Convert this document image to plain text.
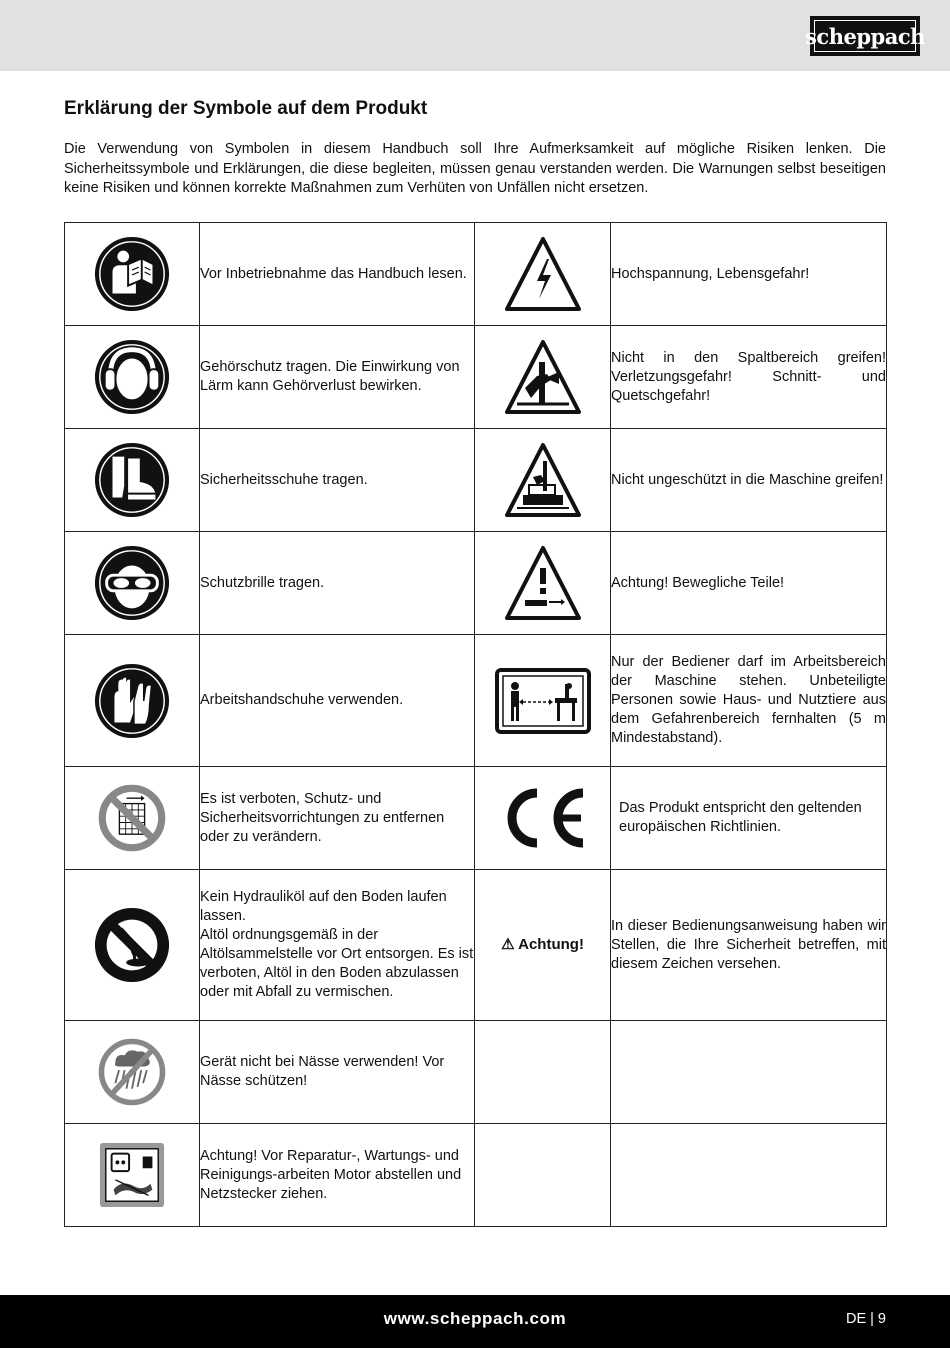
scheppach
Erklärung der Symbole auf dem Produkt

Die Verwendung von Symbolen in diesem Handbuch soll Ihre Aufmerksamkeit auf mögliche Risiken lenken. Die Sicherheitssymbole und Erklärungen, die diese begleiten, müssen genau verstanden werden. Die Warnungen selbst beseitigen keine Risiken und können korrekte Maßnahmen zum Verhüten von Unfällen nicht ersetzen.

	Vor Inbetriebnahme das Handbuch lesen.		Hochspannung, Lebensgefahr!

	Gehörschutz tragen. Die Einwirkung von Lärm kann Gehörverlust bewirken.		Nicht in den Spaltbereich greifen! Verletzungsgefahr! Schnitt- und Quetschgefahr!

	Sicherheitsschuhe tragen.		Nicht ungeschützt in die Maschine greifen!

	Schutzbrille tragen.		Achtung! Bewegliche Teile!

	Arbeitshandschuhe verwenden.		Nur der Bediener darf im Arbeitsbereich der Maschine stehen. Unbeteiligte Personen sowie Haus- und Nutztiere aus dem Gefahrenbereich fernhalten (5 m Mindestabstand).

	Es ist verboten, Schutz- und Sicherheitsvorrichtungen zu entfernen oder zu verändern.		Das Produkt entspricht den geltenden europäischen Richtlinien.

	Kein Hydrauliköl auf den Boden laufen lassen.
Altöl ordnungsgemäß in der Altölsammelstelle vor Ort entsorgen. Es ist verboten, Altöl in den Boden abzulassen oder mit Abfall zu vermischen.	⚠ Achtung!	In dieser Bedienungsanweisung haben wir Stellen, die Ihre Sicherheit betreffen, mit diesem Zeichen versehen.

	Gerät nicht bei Nässe verwenden! Vor Nässe schützen!		

	Achtung! Vor Reparatur-, Wartungs- und Reinigungs-arbeiten Motor abstellen und Netzstecker ziehen.		
www.scheppach.com	DE | 9
